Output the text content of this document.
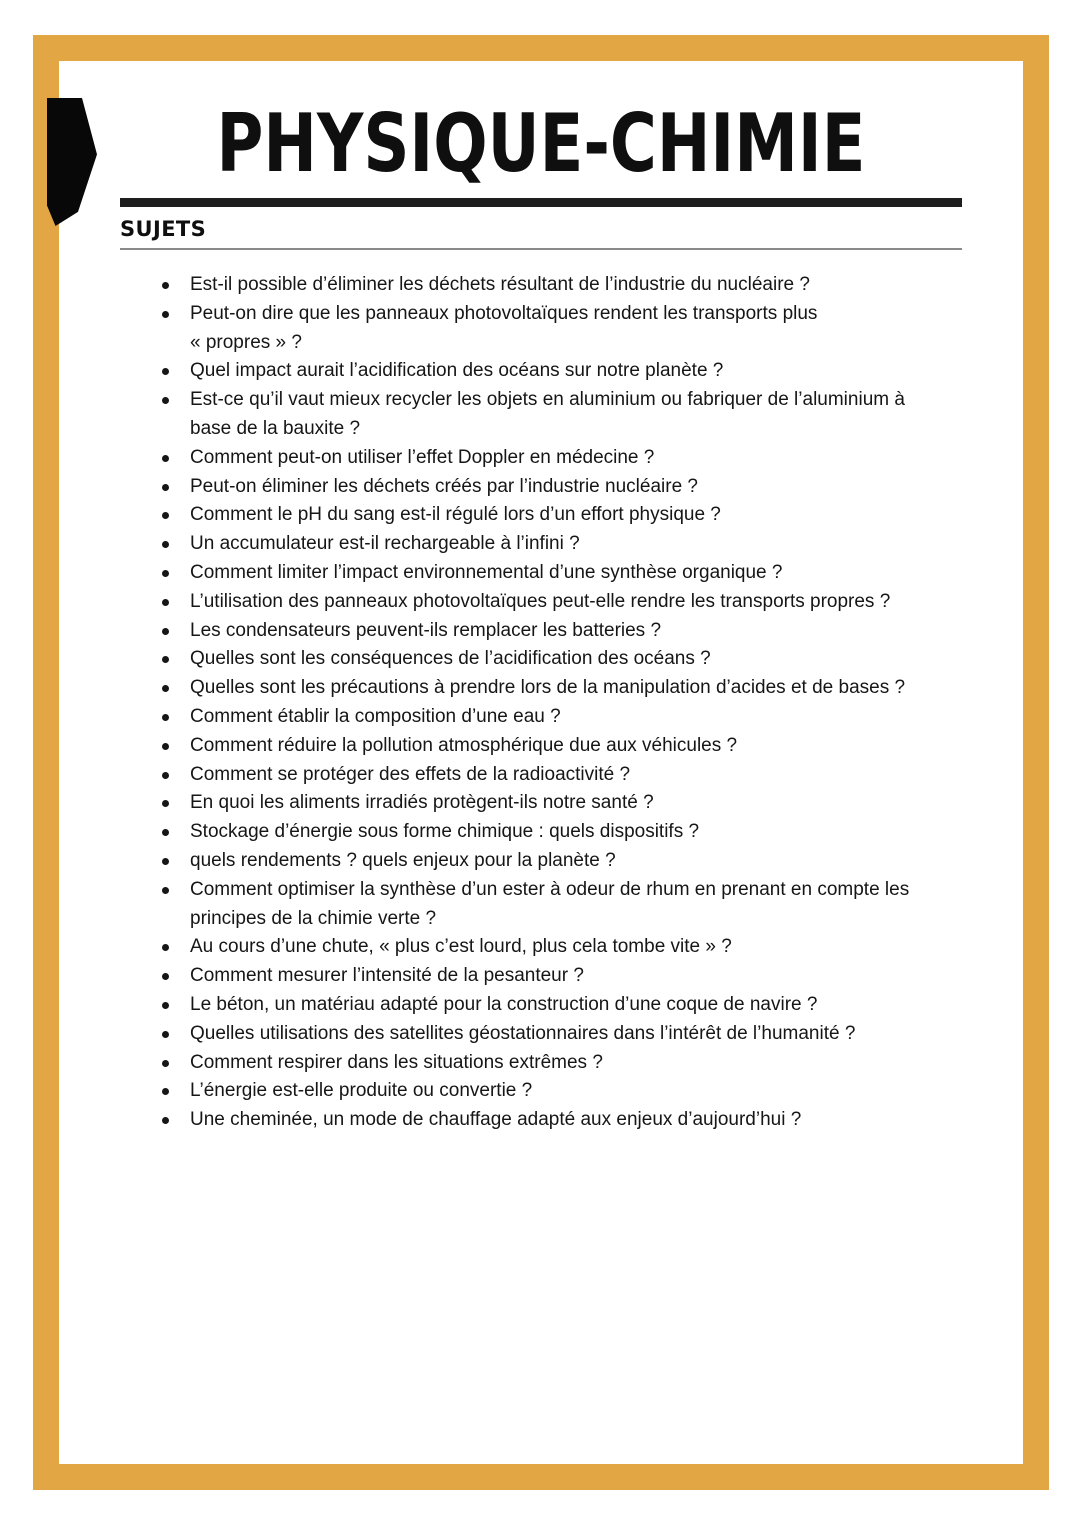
PHYSIQUE-CHIMIE
SUJETS
Est-il possible d’éliminer les déchets résultant de l’industrie du nucléaire ?
Peut-on dire que les panneaux photovoltaïques rendent les transports plus « propres » ?
Quel impact aurait l’acidification des océans sur notre planète ?
Est-ce qu’il vaut mieux recycler les objets en aluminium ou fabriquer de l’aluminium à base de la bauxite ?
Comment peut-on utiliser l’effet Doppler en médecine ?
Peut-on éliminer les déchets créés par l’industrie nucléaire ?
Comment le pH du sang est-il régulé lors d’un effort physique ?
Un accumulateur est-il rechargeable à l’infini ?
Comment limiter l’impact environnemental d’une synthèse organique ?
L’utilisation des panneaux photovoltaïques peut-elle rendre les transports propres ?
Les condensateurs peuvent-ils remplacer les batteries ?
Quelles sont les conséquences de l’acidification des océans ?
Quelles sont les précautions à prendre lors de la manipulation d’acides et de bases ?
Comment établir la composition d’une eau ?
Comment réduire la pollution atmosphérique due aux véhicules ?
Comment se protéger des effets de la radioactivité ?
En quoi les aliments irradiés protègent-ils notre santé ?
Stockage d’énergie sous forme chimique : quels dispositifs ?
quels rendements ? quels enjeux pour la planète ?
Comment optimiser la synthèse d’un ester à odeur de rhum en prenant en compte les principes de la chimie verte ?
Au cours d’une chute, « plus c’est lourd, plus cela tombe vite » ?
Comment mesurer l’intensité de la pesanteur ?
Le béton, un matériau adapté pour la construction d’une coque de navire ?
Quelles utilisations des satellites géostationnaires dans l’intérêt de l’humanité ?
Comment respirer dans les situations extrêmes ?
L’énergie est-elle produite ou convertie ?
Une cheminée, un mode de chauffage adapté aux enjeux d’aujourd’hui ?
